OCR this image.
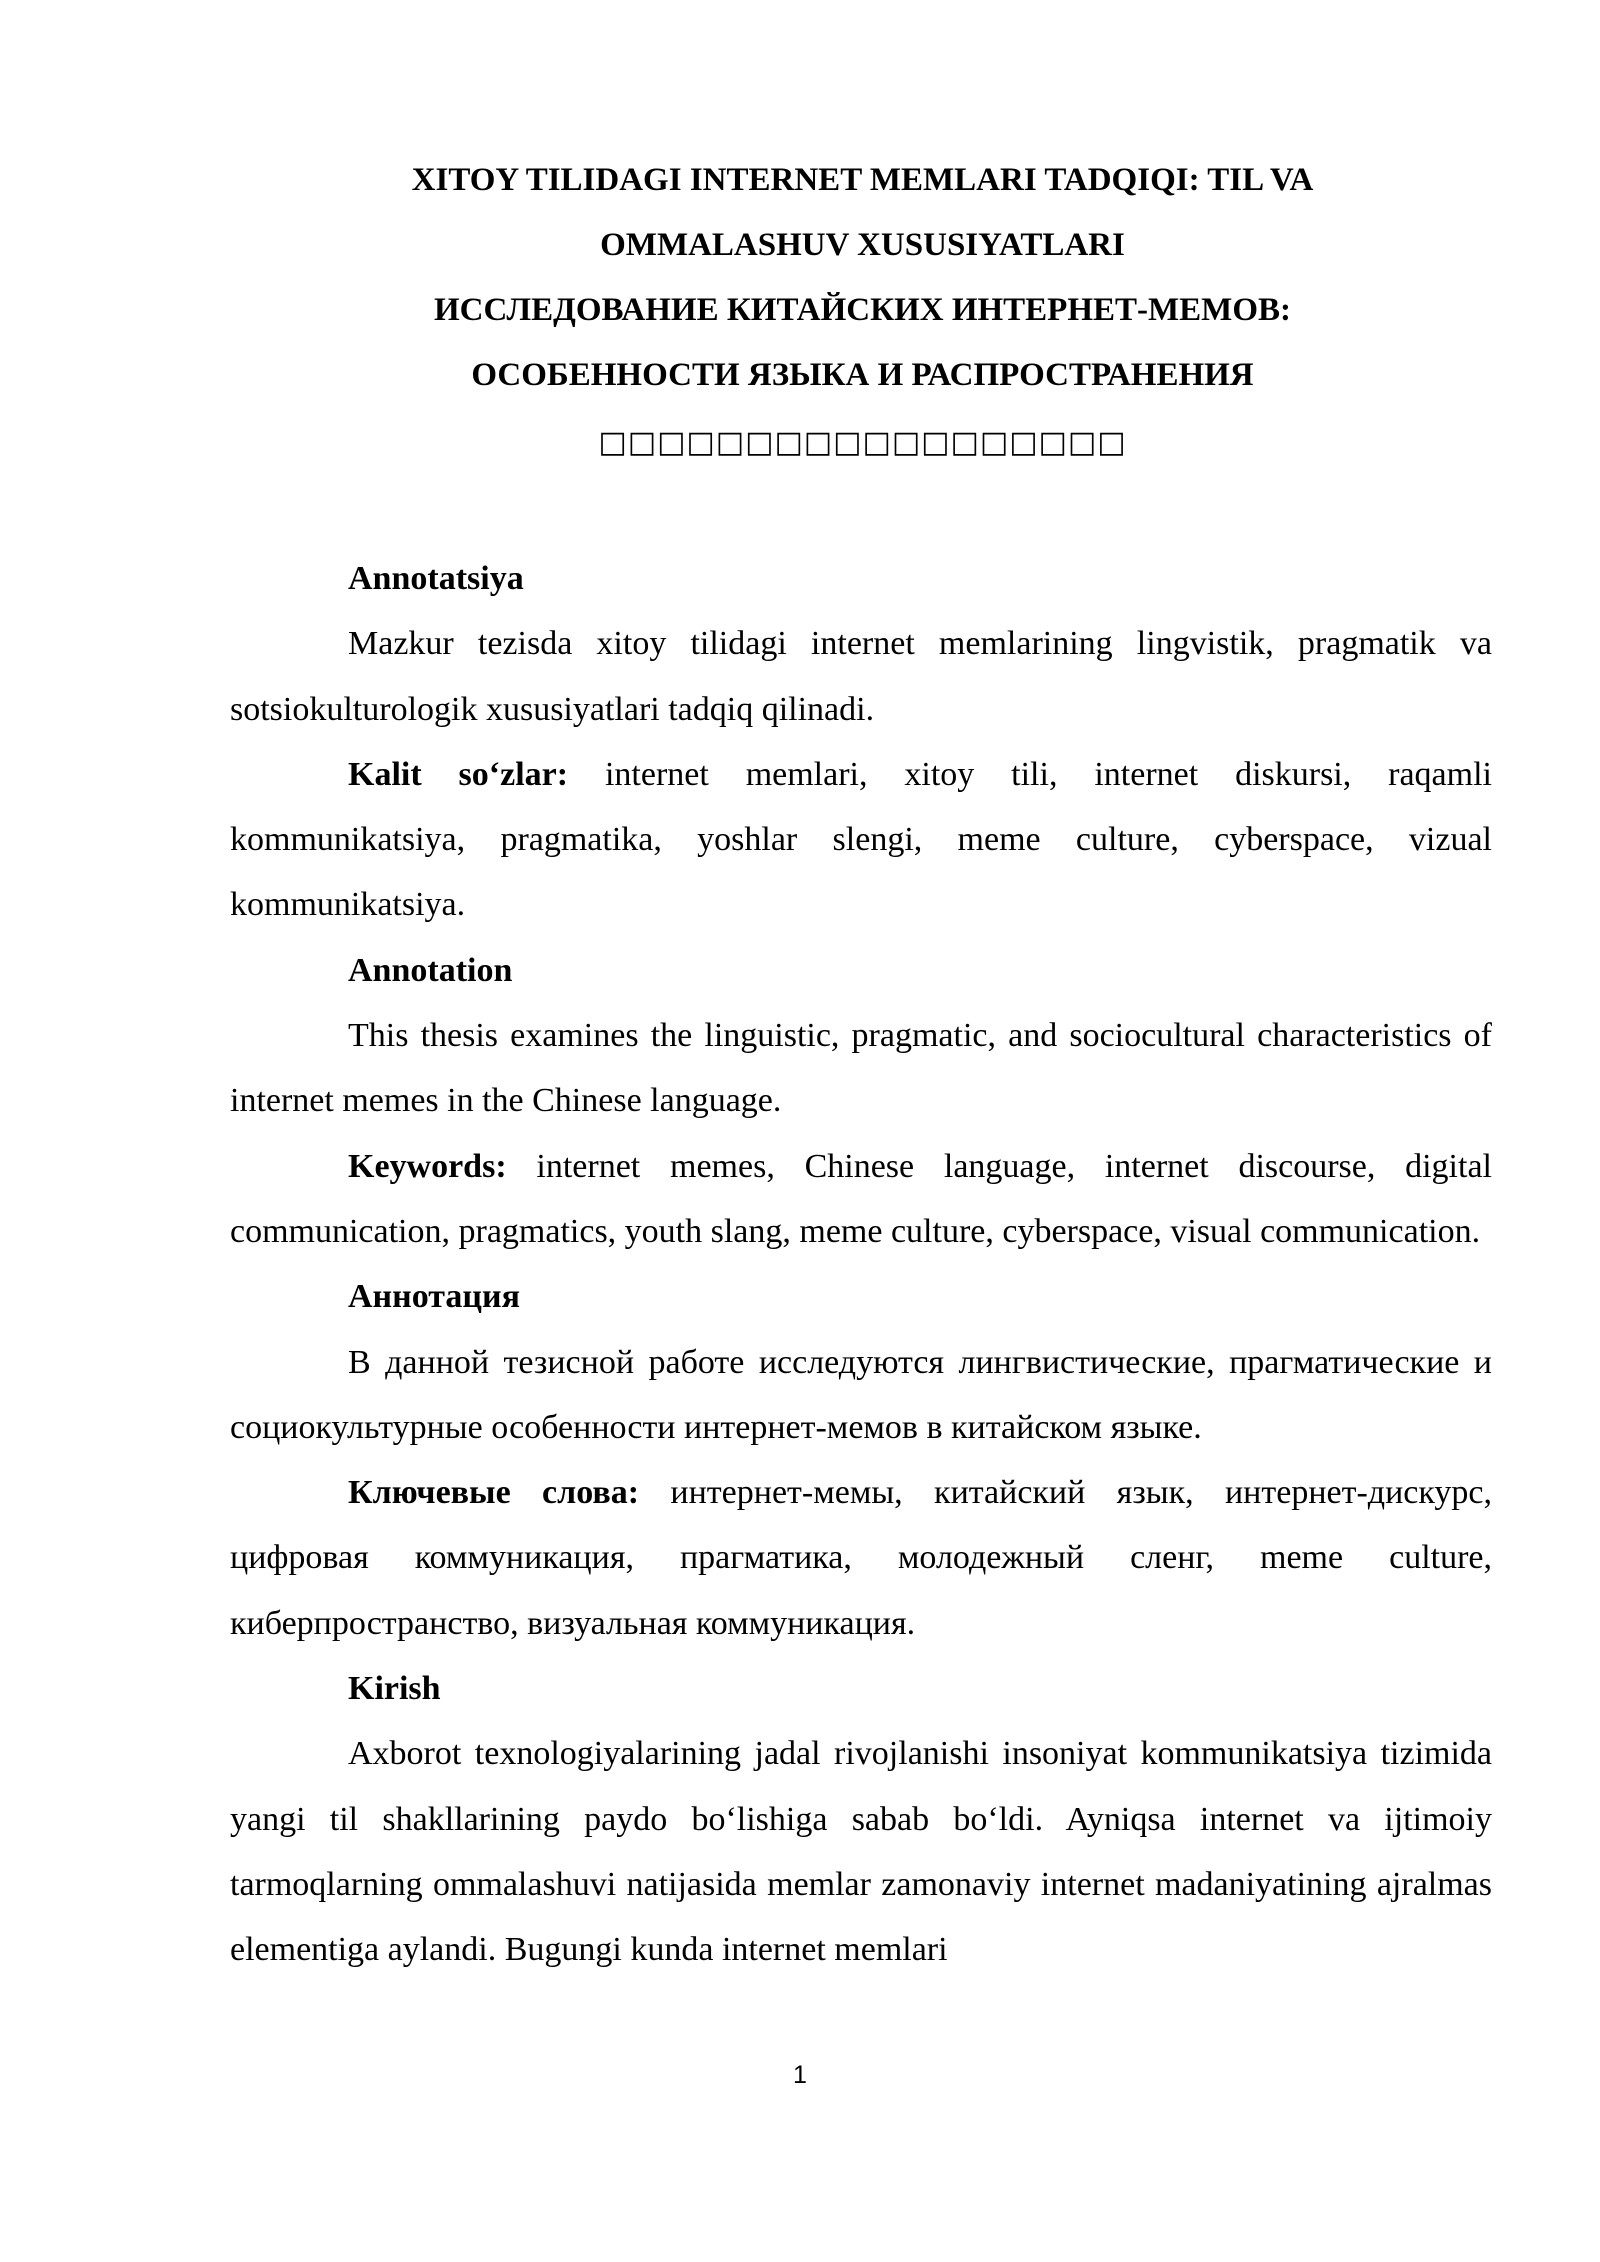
XITOY TILIDAGI INTERNET MEMLARI TADQIQI: TIL VA
OMMALASHUV XUSUSIYATLARI
ИССЛЕДОВАНИЕ КИТАЙСКИХ ИНТЕРНЕТ-МЕМОВ:
ОСОБЕННОСТИ ЯЗЫКА И РАСПРОСТРАНЕНИЯ
□□□□□□□□□□□□□□□□□□

Annotatsiya

Mazkur tezisda xitoy tilidagi internet memlarining lingvistik, pragmatik va sotsiokulturologik xususiyatlari tadqiq qilinadi.

Kalit so‘zlar: internet memlari, xitoy tili, internet diskursi, raqamli kommunikatsiya, pragmatika, yoshlar slengi, meme culture, cyberspace, vizual kommunikatsiya.

Annotation

This thesis examines the linguistic, pragmatic, and sociocultural characteristics of internet memes in the Chinese language.

Keywords: internet memes, Chinese language, internet discourse, digital communication, pragmatics, youth slang, meme culture, cyberspace, visual communication.

Аннотация

В данной тезисной работе исследуются лингвистические, прагматические и социокультурные особенности интернет-мемов в китайском языке.

Ключевые слова: интернет-мемы, китайский язык, интернет-дискурс, цифровая коммуникация, прагматика, молодежный сленг, meme culture, киберпространство, визуальная коммуникация.

Kirish

Axborot texnologiyalarining jadal rivojlanishi insoniyat kommunikatsiya tizimida yangi til shakllarining paydo bo‘lishiga sabab bo‘ldi. Ayniqsa internet va ijtimoiy tarmoqlarning ommalashuvi natijasida memlar zamonaviy internet madaniyatining ajralmas elementiga aylandi. Bugungi kunda internet memlari

1
